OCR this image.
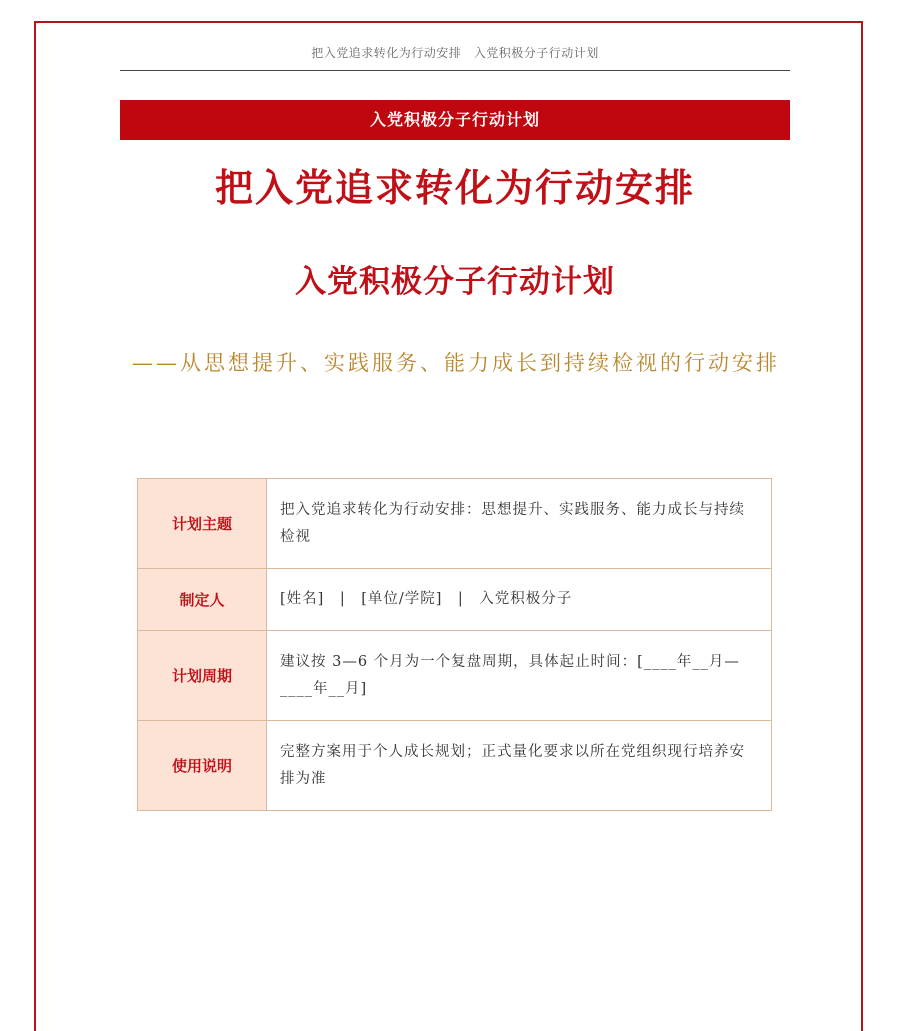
把入党追求转化为行动安排　入党积极分子行动计划
入党积极分子行动计划
把入党追求转化为行动安排
入党积极分子行动计划
——从思想提升、实践服务、能力成长到持续检视的行动安排
计划主题	把入党追求转化为行动安排：思想提升、实践服务、能力成长与持续检视
制定人	[姓名]　|　[单位/学院]　|　入党积极分子
计划周期	建议按 3—6 个月为一个复盘周期，具体起止时间：[____年__月—____年__月]
使用说明	完整方案用于个人成长规划；正式量化要求以所在党组织现行培养安排为准
